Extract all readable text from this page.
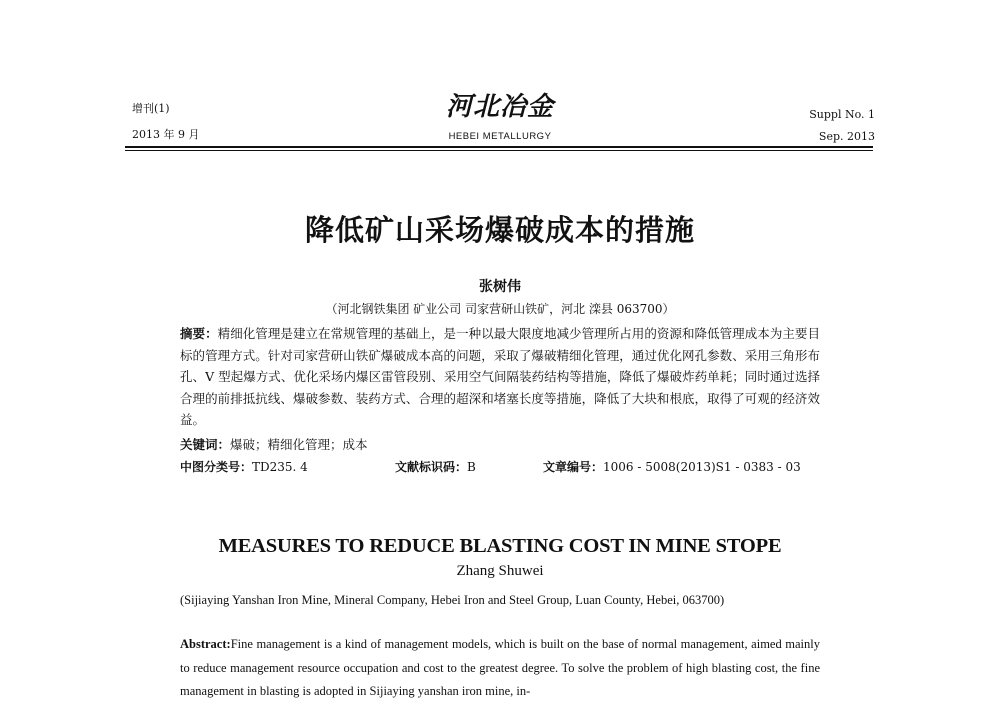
增刊(1)
2013 年 9 月
河北冶金
HEBEI METALLURGY
Suppl No. 1
Sep. 2013
降低矿山采场爆破成本的措施
张树伟
（河北钢铁集团 矿业公司 司家营研山铁矿，河北 滦县 063700）
摘要：精细化管理是建立在常规管理的基础上，是一种以最大限度地减少管理所占用的资源和降低管理成本为主要目标的管理方式。针对司家营研山铁矿爆破成本高的问题，采取了爆破精细化管理，通过优化网孔参数、采用三角形布孔、V 型起爆方式、优化采场内爆区雷管段别、采用空气间隔装药结构等措施，降低了爆破炸药单耗；同时通过选择合理的前排抵抗线、爆破参数、装药方式、合理的超深和堵塞长度等措施，降低了大块和根底，取得了可观的经济效益。
关键词：爆破；精细化管理；成本
中图分类号：TD235. 4	文献标识码：B	文章编号：1006 - 5008(2013)S1 - 0383 - 03
MEASURES TO REDUCE BLASTING COST IN MINE STOPE
Zhang Shuwei
(Sijiaying Yanshan Iron Mine, Mineral Company, Hebei Iron and Steel Group, Luan County, Hebei, 063700)
Abstract:Fine management is a kind of management models, which is built on the base of normal management, aimed mainly to reduce management resource occupation and cost to the greatest degree. To solve the problem of high blasting cost, the fine management in blasting is adopted in Sijiaying yanshan iron mine, in-
